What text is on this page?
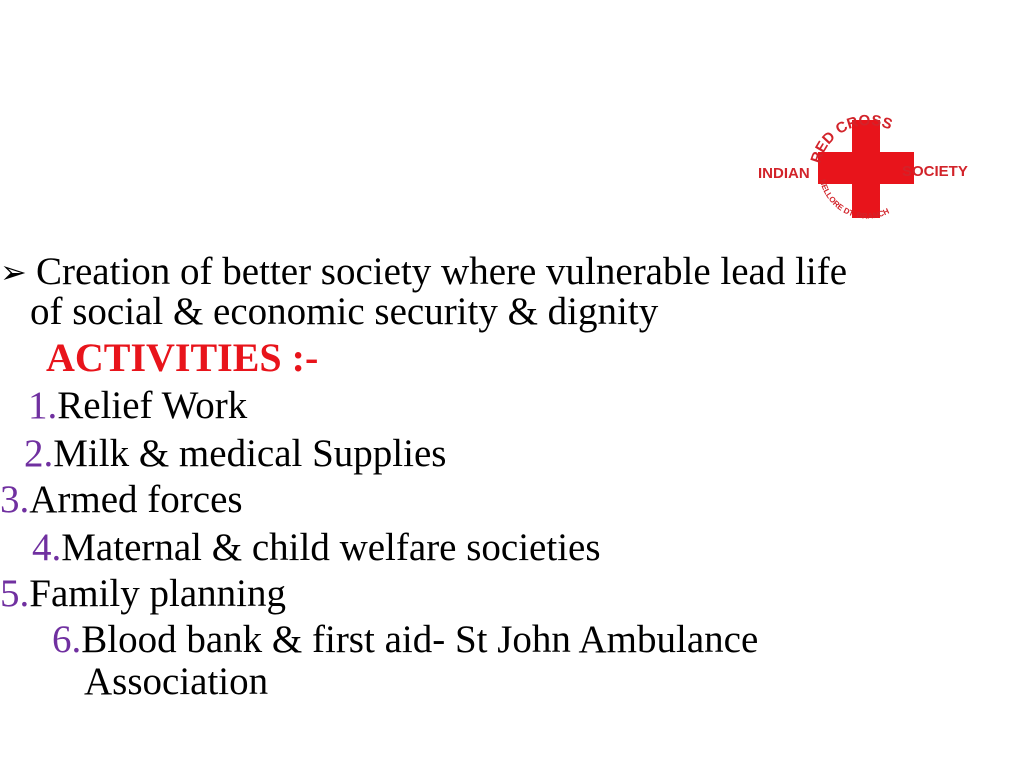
RED CROSS
NELLORE DT. BRANCH
INDIAN	SOCIETY
➢ Creation of better society where vulnerable lead life
of social & economic security & dignity
ACTIVITIES :-
1.Relief Work
2.Milk & medical Supplies
3.Armed forces
4.Maternal & child welfare societies
5.Family planning
6.Blood bank & first aid- St John Ambulance
Association
